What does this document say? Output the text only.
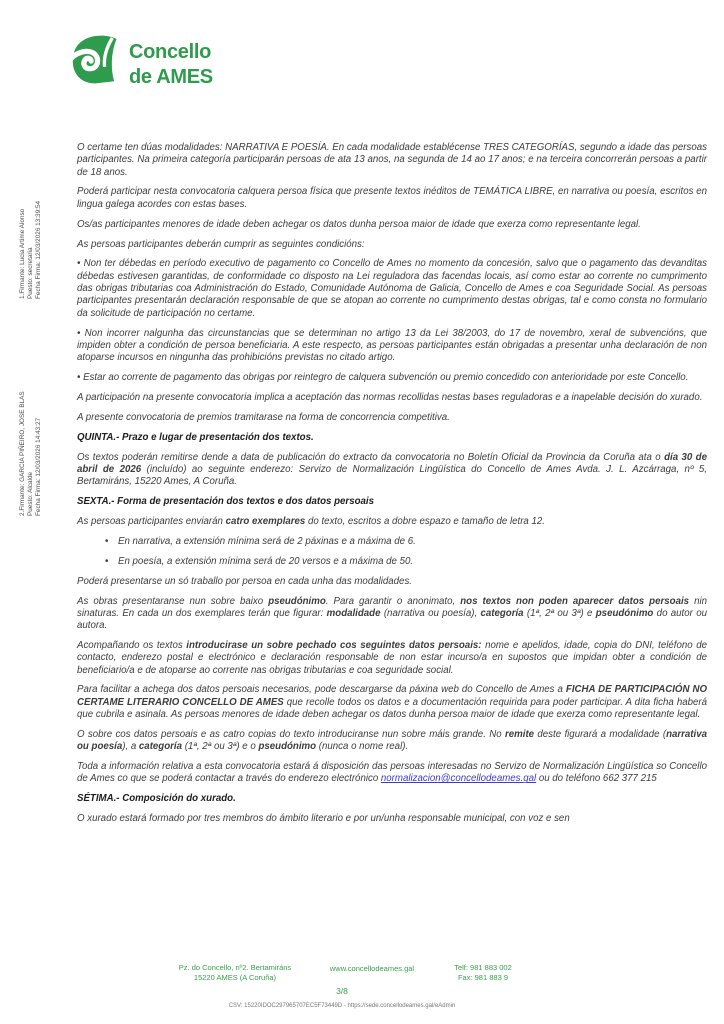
Concello
de AMES
1.Firmante: Lucia Artime Alonso Puesto: secretaria Fecha Firma: 12/03/2026 13:39:54
2.Firmante: GARCIA PIÑEIRO, JOSE BLAS Puesto: Alcalde Fecha Firma: 12/03/2026 14:43:27
O certame ten dúas modalidades: NARRATIVA E POESÍA. En cada modalidade establécense TRES CATEGORÍAS, segundo a idade das persoas participantes. Na primeira categoría participarán persoas de ata 13 anos, na segunda de 14 ao 17 anos; e na terceira concorrerán persoas a partir de 18 anos.
Poderá participar nesta convocatoria calquera persoa física que presente textos inéditos de TEMÁTICA LIBRE, en narrativa ou poesía, escritos en lingua galega acordes con estas bases.
Os/as participantes menores de idade deben achegar os datos dunha persoa maior de idade que exerza como representante legal.
As persoas participantes deberán cumprir as seguintes condicións:
• Non ter débedas en período executivo de pagamento co Concello de Ames no momento da concesión, salvo que o pagamento das devanditas débedas estivesen garantidas, de conformidade co disposto na Lei reguladora das facendas locais, así como estar ao corrente no cumprimento das obrigas tributarias coa Administración do Estado, Comunidade Autónoma de Galicia, Concello de Ames e coa Seguridade Social. As persoas participantes presentarán declaración responsable de que se atopan ao corrente no cumprimento destas obrigas, tal e como consta no formulario da solicitude de participación no certame.
• Non incorrer nalgunha das circunstancias que se determinan no artigo 13 da Lei 38/2003, do 17 de novembro, xeral de subvencións, que impiden obter a condición de persoa beneficiaria. A este respecto, as persoas participantes están obrigadas a presentar unha declaración de non atoparse incursos en ningunha das prohibicións previstas no citado artigo.
• Estar ao corrente de pagamento das obrigas por reintegro de calquera subvención ou premio concedido con anterioridade por este Concello.
A participación na presente convocatoria implica a aceptación das normas recollidas nestas bases reguladoras e a inapelable decisión do xurado.
A presente convocatoria de premios tramitarase na forma de concorrencia competitiva.
QUINTA.- Prazo e lugar de presentación dos textos.
Os textos poderán remitirse dende a data de publicación do extracto da convocatoria no Boletín Oficial da Provincia da Coruña ata o día 30 de abril de 2026 (incluído) ao seguinte enderezo: Servizo de Normalización Lingüística do Concello de Ames Avda. J. L. Azcárraga, nº 5, Bertamiráns, 15220 Ames, A Coruña.
SEXTA.- Forma de presentación dos textos e dos datos persoais
As persoas participantes enviarán catro exemplares do texto, escritos a dobre espazo e tamaño de letra 12.
• En narrativa, a extensión mínima será de 2 páxinas e a máxima de 6.
• En poesía, a extensión mínima será de 20 versos e a máxima de 50.
Poderá presentarse un só traballo por persoa en cada unha das modalidades.
As obras presentaranse nun sobre baixo pseudónimo. Para garantir o anonimato, nos textos non poden aparecer datos persoais nin sinaturas. En cada un dos exemplares terán que figurar: modalidade (narrativa ou poesía), categoría (1ª, 2ª ou 3ª) e pseudónimo do autor ou autora.
Acompañando os textos introducirase un sobre pechado cos seguintes datos persoais: nome e apelidos, idade, copia do DNI, teléfono de contacto, enderezo postal e electrónico e declaración responsable de non estar incurso/a en supostos que impidan obter a condición de beneficiario/a e de atoparse ao corrente nas obrigas tributarias e coa seguridade social.
Para facilitar a achega dos datos persoais necesarios, pode descargarse da páxina web do Concello de Ames a FICHA DE PARTICIPACIÓN NO CERTAME LITERARIO CONCELLO DE AMES que recolle todos os datos e a documentación requirida para poder participar. A dita ficha haberá que cubrila e asinala. As persoas menores de idade deben achegar os datos dunha persoa maior de idade que exerza como representante legal.
O sobre cos datos persoais e as catro copias do texto introduciranse nun sobre máis grande. No remite deste figurará a modalidade (narrativa ou poesía), a categoría (1ª, 2ª ou 3ª) e o pseudónimo (nunca o nome real).
Toda a información relativa a esta convocatoria estará á disposición das persoas interesadas no Servizo de Normalización Lingüística so Concello de Ames co que se poderá contactar a través do enderezo electrónico normalizacion@concellodeames.gal ou do teléfono 662 377 215
SÉTIMA.- Composición do xurado.
O xurado estará formado por tres membros do ámbito literario e por un/unha responsable municipal, con voz e sen
Pz. do Concello, nº2. Bertamiráns
15220 AMES (A Coruña)
www.concellodeames.gal	Telf: 981 883 002
Fax: 981 883 9
3/8
CSV: 15220IDOC297965707EC5F73449D - https://sede.concellodeames.gal/eAdmin
